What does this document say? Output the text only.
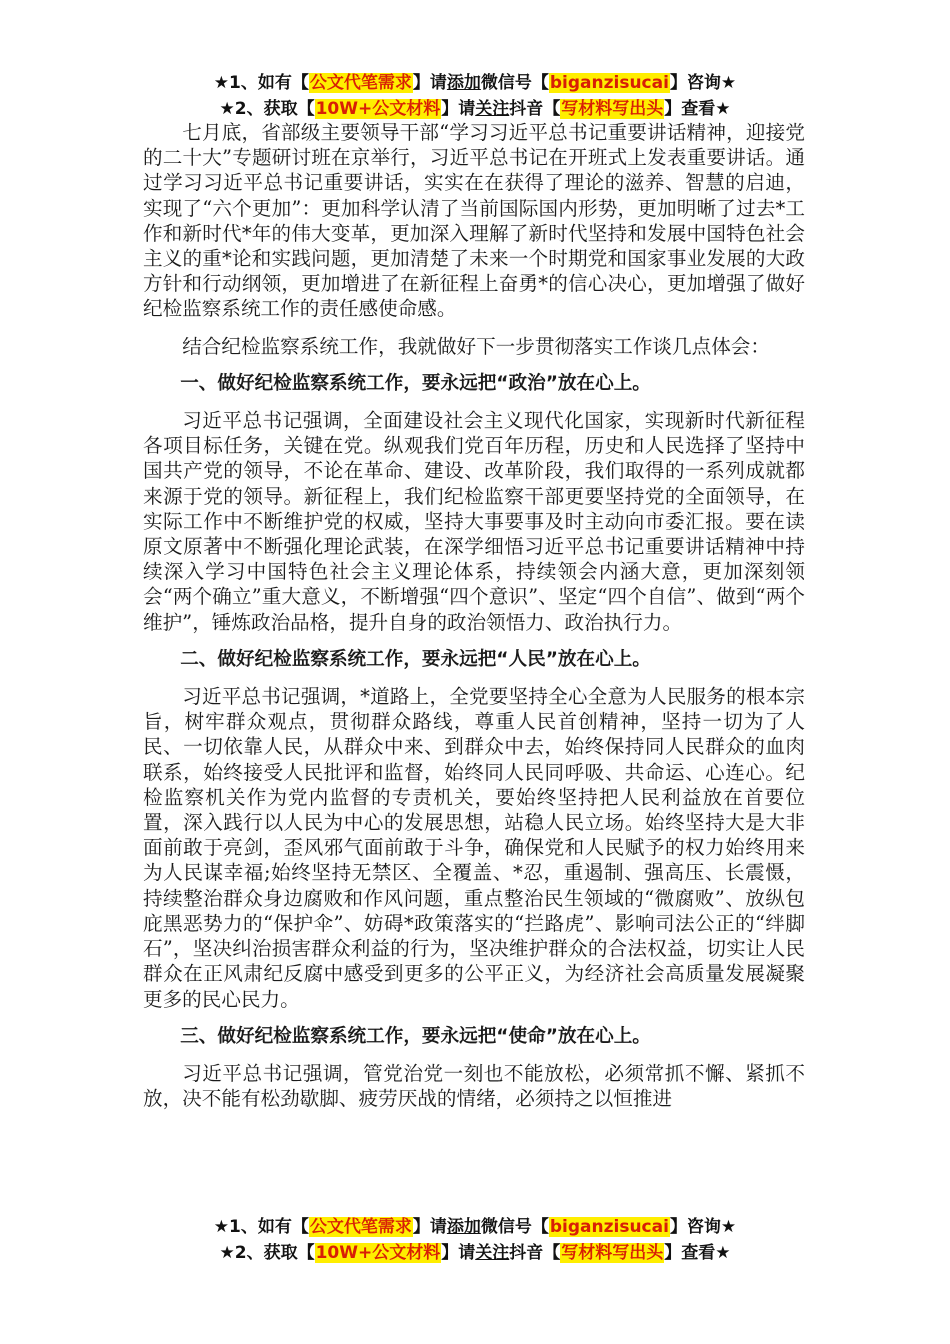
★1、如有【公文代笔需求】请添加微信号【biganzisucai】咨询★
★2、获取【10W+公文材料】请关注抖音【写材料写出头】查看★

七月底，省部级主要领导干部“学习习近平总书记重要讲话精神，迎接党的二十大”专题研讨班在京举行，习近平总书记在开班式上发表重要讲话。通过学习习近平总书记重要讲话，实实在在获得了理论的滋养、智慧的启迪，实现了“六个更加”：更加科学认清了当前国际国内形势，更加明晰了过去*工作和新时代*年的伟大变革，更加深入理解了新时代坚持和发展中国特色社会主义的重*论和实践问题，更加清楚了未来一个时期党和国家事业发展的大政方针和行动纲领，更加增进了在新征程上奋勇*的信心决心，更加增强了做好纪检监察系统工作的责任感使命感。

结合纪检监察系统工作，我就做好下一步贯彻落实工作谈几点体会：

一、做好纪检监察系统工作，要永远把“政治”放在心上。

习近平总书记强调，全面建设社会主义现代化国家，实现新时代新征程各项目标任务，关键在党。纵观我们党百年历程，历史和人民选择了坚持中国共产党的领导，不论在革命、建设、改革阶段，我们取得的一系列成就都来源于党的领导。新征程上，我们纪检监察干部更要坚持党的全面领导，在实际工作中不断维护党的权威，坚持大事要事及时主动向市委汇报。要在读原文原著中不断强化理论武装，在深学细悟习近平总书记重要讲话精神中持续深入学习中国特色社会主义理论体系，持续领会内涵大意，更加深刻领会“两个确立”重大意义，不断增强“四个意识”、坚定“四个自信”、做到“两个维护”，锤炼政治品格，提升自身的政治领悟力、政治执行力。

二、做好纪检监察系统工作，要永远把“人民”放在心上。

习近平总书记强调，*道路上，全党要坚持全心全意为人民服务的根本宗旨，树牢群众观点，贯彻群众路线，尊重人民首创精神，坚持一切为了人民、一切依靠人民，从群众中来、到群众中去，始终保持同人民群众的血肉联系，始终接受人民批评和监督，始终同人民同呼吸、共命运、心连心。纪检监察机关作为党内监督的专责机关，要始终坚持把人民利益放在首要位置，深入践行以人民为中心的发展思想，站稳人民立场。始终坚持大是大非面前敢于亮剑，歪风邪气面前敢于斗争，确保党和人民赋予的权力始终用来为人民谋幸福;始终坚持无禁区、全覆盖、*忍，重遏制、强高压、长震慑，持续整治群众身边腐败和作风问题，重点整治民生领域的“微腐败”、放纵包庇黑恶势力的“保护伞”、妨碍*政策落实的“拦路虎”、影响司法公正的“绊脚石”，坚决纠治损害群众利益的行为，坚决维护群众的合法权益，切实让人民群众在正风肃纪反腐中感受到更多的公平正义，为经济社会高质量发展凝聚更多的民心民力。

三、做好纪检监察系统工作，要永远把“使命”放在心上。

习近平总书记强调，管党治党一刻也不能放松，必须常抓不懈、紧抓不放，决不能有松劲歇脚、疲劳厌战的情绪，必须持之以恒推进

★1、如有【公文代笔需求】请添加微信号【biganzisucai】咨询★
★2、获取【10W+公文材料】请关注抖音【写材料写出头】查看★
